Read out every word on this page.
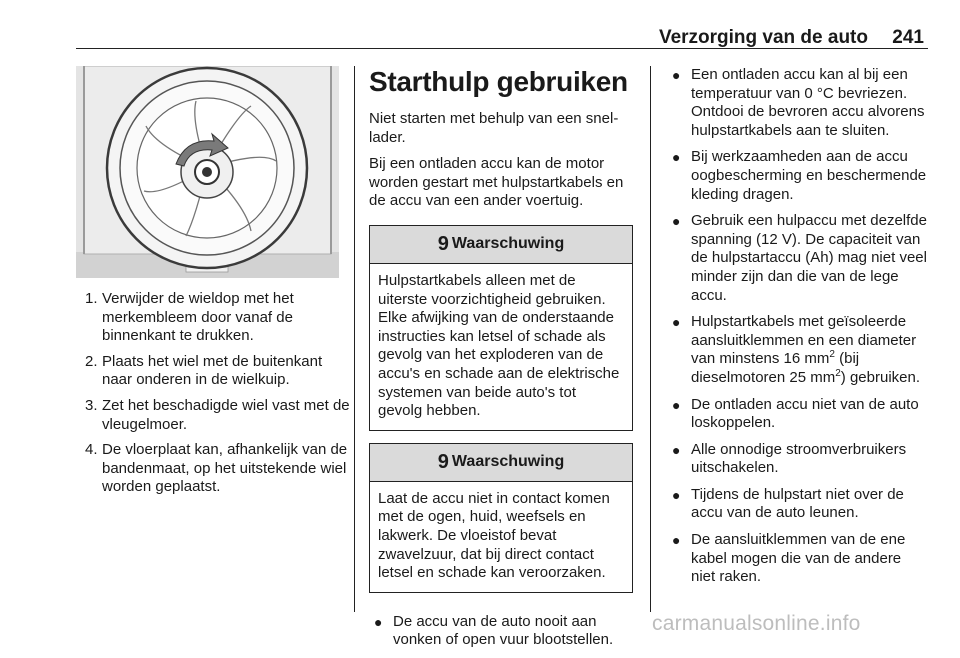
Verzorging van de auto 241
1. Verwijder de wieldop met het merkembleem door vanaf de binnenkant te drukken.
2. Plaats het wiel met de buitenkant naar onderen in de wielkuip.
3. Zet het beschadigde wiel vast met de vleugelmoer.
4. De vloerplaat kan, afhankelijk van de bandenmaat, op het uitstekende wiel worden geplaatst.
Starthulp gebruiken

Niet starten met behulp van een snellader.

Bij een ontladen accu kan de motor worden gestart met hulpstartkabels en de accu van een ander voertuig.

9 Waarschuwing
Hulpstartkabels alleen met de uiterste voorzichtigheid gebruiken. Elke afwijking van de onderstaande instructies kan letsel of schade als gevolg van het exploderen van de accu's en schade aan de elektrische systemen van beide auto's tot gevolg hebben.
9 Waarschuwing
Laat de accu niet in contact komen met de ogen, huid, weefsels en lakwerk. De vloeistof bevat zwavelzuur, dat bij direct contact letsel en schade kan veroorzaken.
● De accu van de auto nooit aan vonken of open vuur blootstellen.
● Een ontladen accu kan al bij een temperatuur van 0 °C bevriezen. Ontdooi de bevroren accu alvorens hulpstartkabels aan te sluiten.
● Bij werkzaamheden aan de accu oogbescherming en beschermende kleding dragen.
● Gebruik een hulpaccu met dezelfde spanning (12 V). De capaciteit van de hulpstartaccu (Ah) mag niet veel minder zijn dan die van de lege accu.
● Hulpstartkabels met geïsoleerde aansluitklemmen en een diameter van minstens 16 $mm^2$ (bij dieselmotoren 25 $mm^2$) gebruiken.
● De ontladen accu niet van de auto loskoppelen.
● Alle onnodige stroomverbruikers uitschakelen.
● Tijdens de hulpstart niet over de accu van de auto leunen.
● De aansluitklemmen van de ene kabel mogen die van de andere niet raken.
carmanualsonline.info
